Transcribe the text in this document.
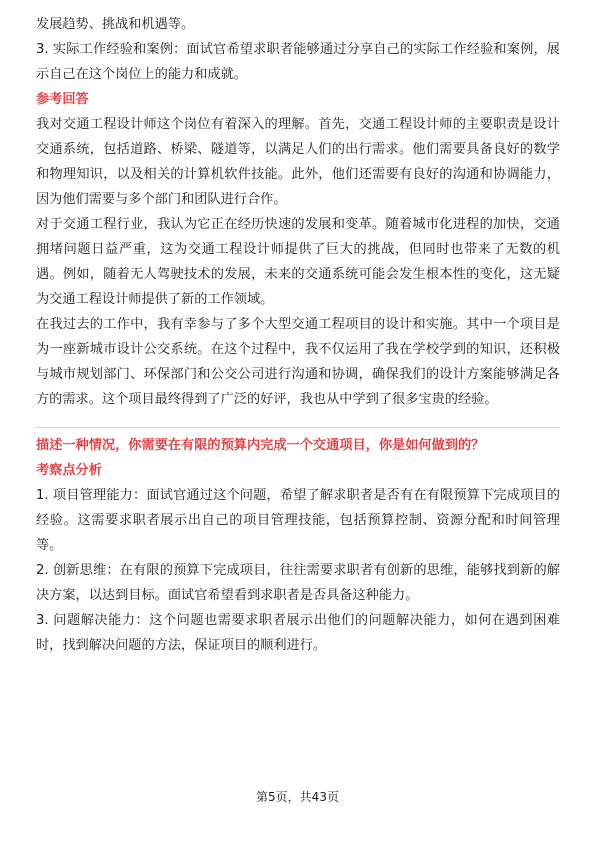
发展趋势、挑战和机遇等。

3. 实际工作经验和案例：面试官希望求职者能够通过分享自己的实际工作经验和案例，展示自己在这个岗位上的能力和成就。

参考回答

我对交通工程设计师这个岗位有着深入的理解。首先，交通工程设计师的主要职责是设计交通系统，包括道路、桥梁、隧道等，以满足人们的出行需求。他们需要具备良好的数学和物理知识，以及相关的计算机软件技能。此外，他们还需要有良好的沟通和协调能力，因为他们需要与多个部门和团队进行合作。

对于交通工程行业，我认为它正在经历快速的发展和变革。随着城市化进程的加快，交通拥堵问题日益严重，这为交通工程设计师提供了巨大的挑战，但同时也带来了无数的机遇。例如，随着无人驾驶技术的发展，未来的交通系统可能会发生根本性的变化，这无疑为交通工程设计师提供了新的工作领域。

在我过去的工作中，我有幸参与了多个大型交通工程项目的设计和实施。其中一个项目是为一座新城市设计公交系统。在这个过程中，我不仅运用了我在学校学到的知识，还积极与城市规划部门、环保部门和公交公司进行沟通和协调，确保我们的设计方案能够满足各方的需求。这个项目最终得到了广泛的好评，我也从中学到了很多宝贵的经验。

描述一种情况，你需要在有限的预算内完成一个交通项目，你是如何做到的？

考察点分析

1. 项目管理能力：面试官通过这个问题，希望了解求职者是否有在有限预算下完成项目的经验。这需要求职者展示出自己的项目管理技能，包括预算控制、资源分配和时间管理等。

2. 创新思维：在有限的预算下完成项目，往往需要求职者有创新的思维，能够找到新的解决方案，以达到目标。面试官希望看到求职者是否具备这种能力。

3. 问题解决能力：这个问题也需要求职者展示出他们的问题解决能力，如何在遇到困难时，找到解决问题的方法，保证项目的顺利进行。

第5页，共43页
